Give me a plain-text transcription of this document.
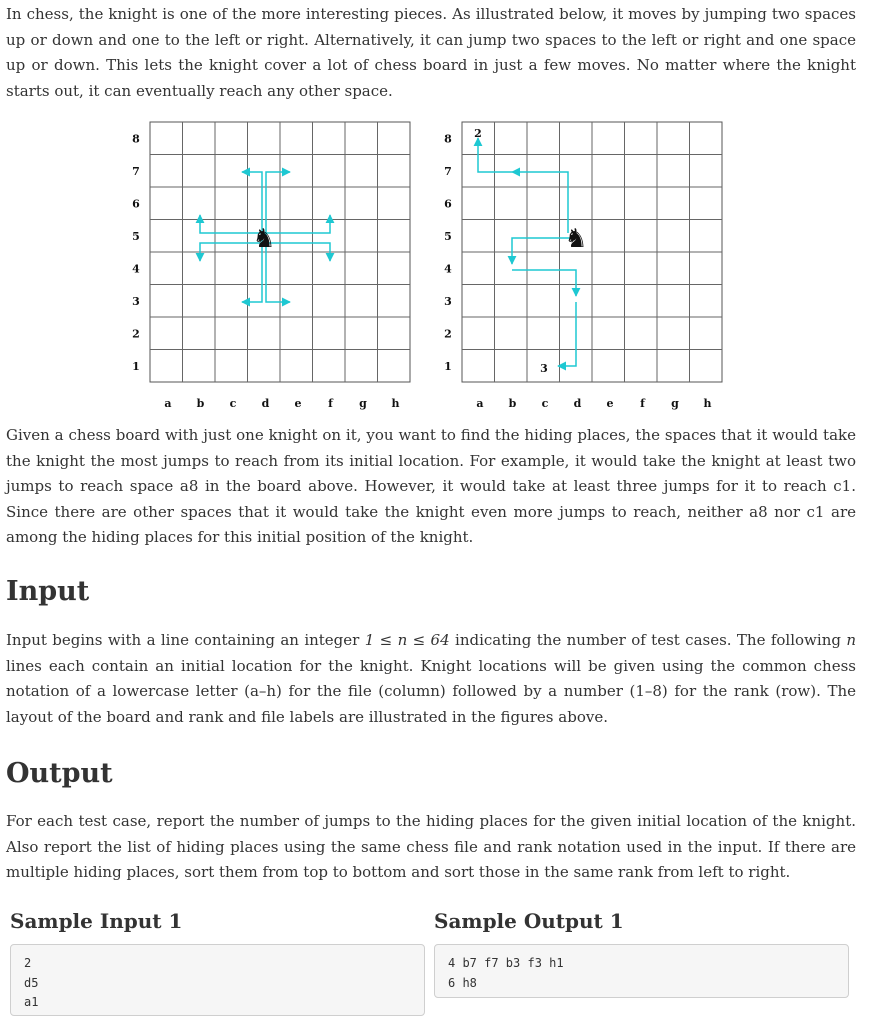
In chess, the knight is one of the more interesting pieces. As illustrated below, it moves by jumping two spaces up or down and one to the left or right. Alternatively, it can jump two spaces to the left or right and one space up or down. This lets the knight cover a lot of chess board in just a few moves. No matter where the knight starts out, it can eventually reach any other space.

8
7
6
5
4
3
2
1
a b c d e f g h
♞
8
7
6
5
4
3
2
1
a b c d e f g h
♞
2
3

Given a chess board with just one knight on it, you want to find the hiding places, the spaces that it would take the knight the most jumps to reach from its initial location. For example, it would take the knight at least two jumps to reach space a8 in the board above. However, it would take at least three jumps for it to reach c1. Since there are other spaces that it would take the knight even more jumps to reach, neither a8 nor c1 are among the hiding places for this initial position of the knight.

Input

Input begins with a line containing an integer 1 ≤ n ≤ 64 indicating the number of test cases. The following n lines each contain an initial location for the knight. Knight locations will be given using the common chess notation of a lowercase letter (a–h) for the file (column) followed by a number (1–8) for the rank (row). The layout of the board and rank and file labels are illustrated in the figures above.

Output

For each test case, report the number of jumps to the hiding places for the given initial location of the knight. Also report the list of hiding places using the same chess file and rank notation used in the input. If there are multiple hiding places, sort them from top to bottom and sort those in the same rank from left to right.

Sample Input 1
2
d5
a1
Sample Output 1
4 b7 f7 b3 f3 h1
6 h8
